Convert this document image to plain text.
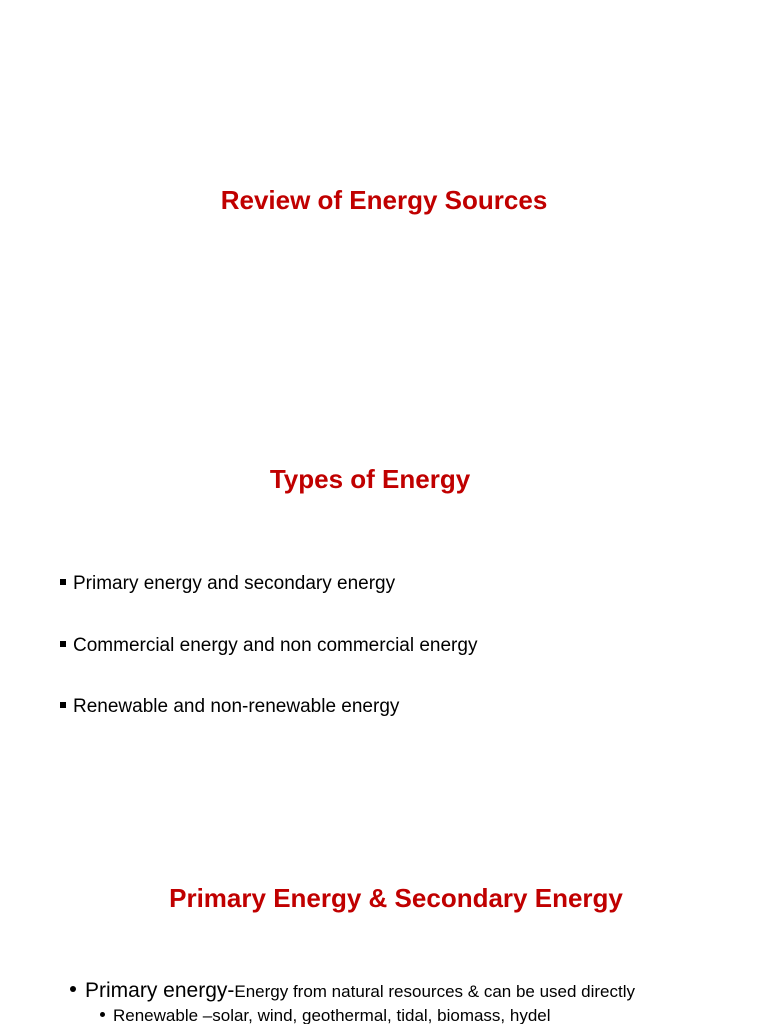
Review of Energy Sources
Types of Energy
Primary energy and secondary energy
Commercial energy and non commercial energy
Renewable and non-renewable energy
Primary Energy & Secondary Energy
Primary energy-Energy from natural resources & can be used directly
Renewable –solar, wind, geothermal, tidal, biomass, hydel
